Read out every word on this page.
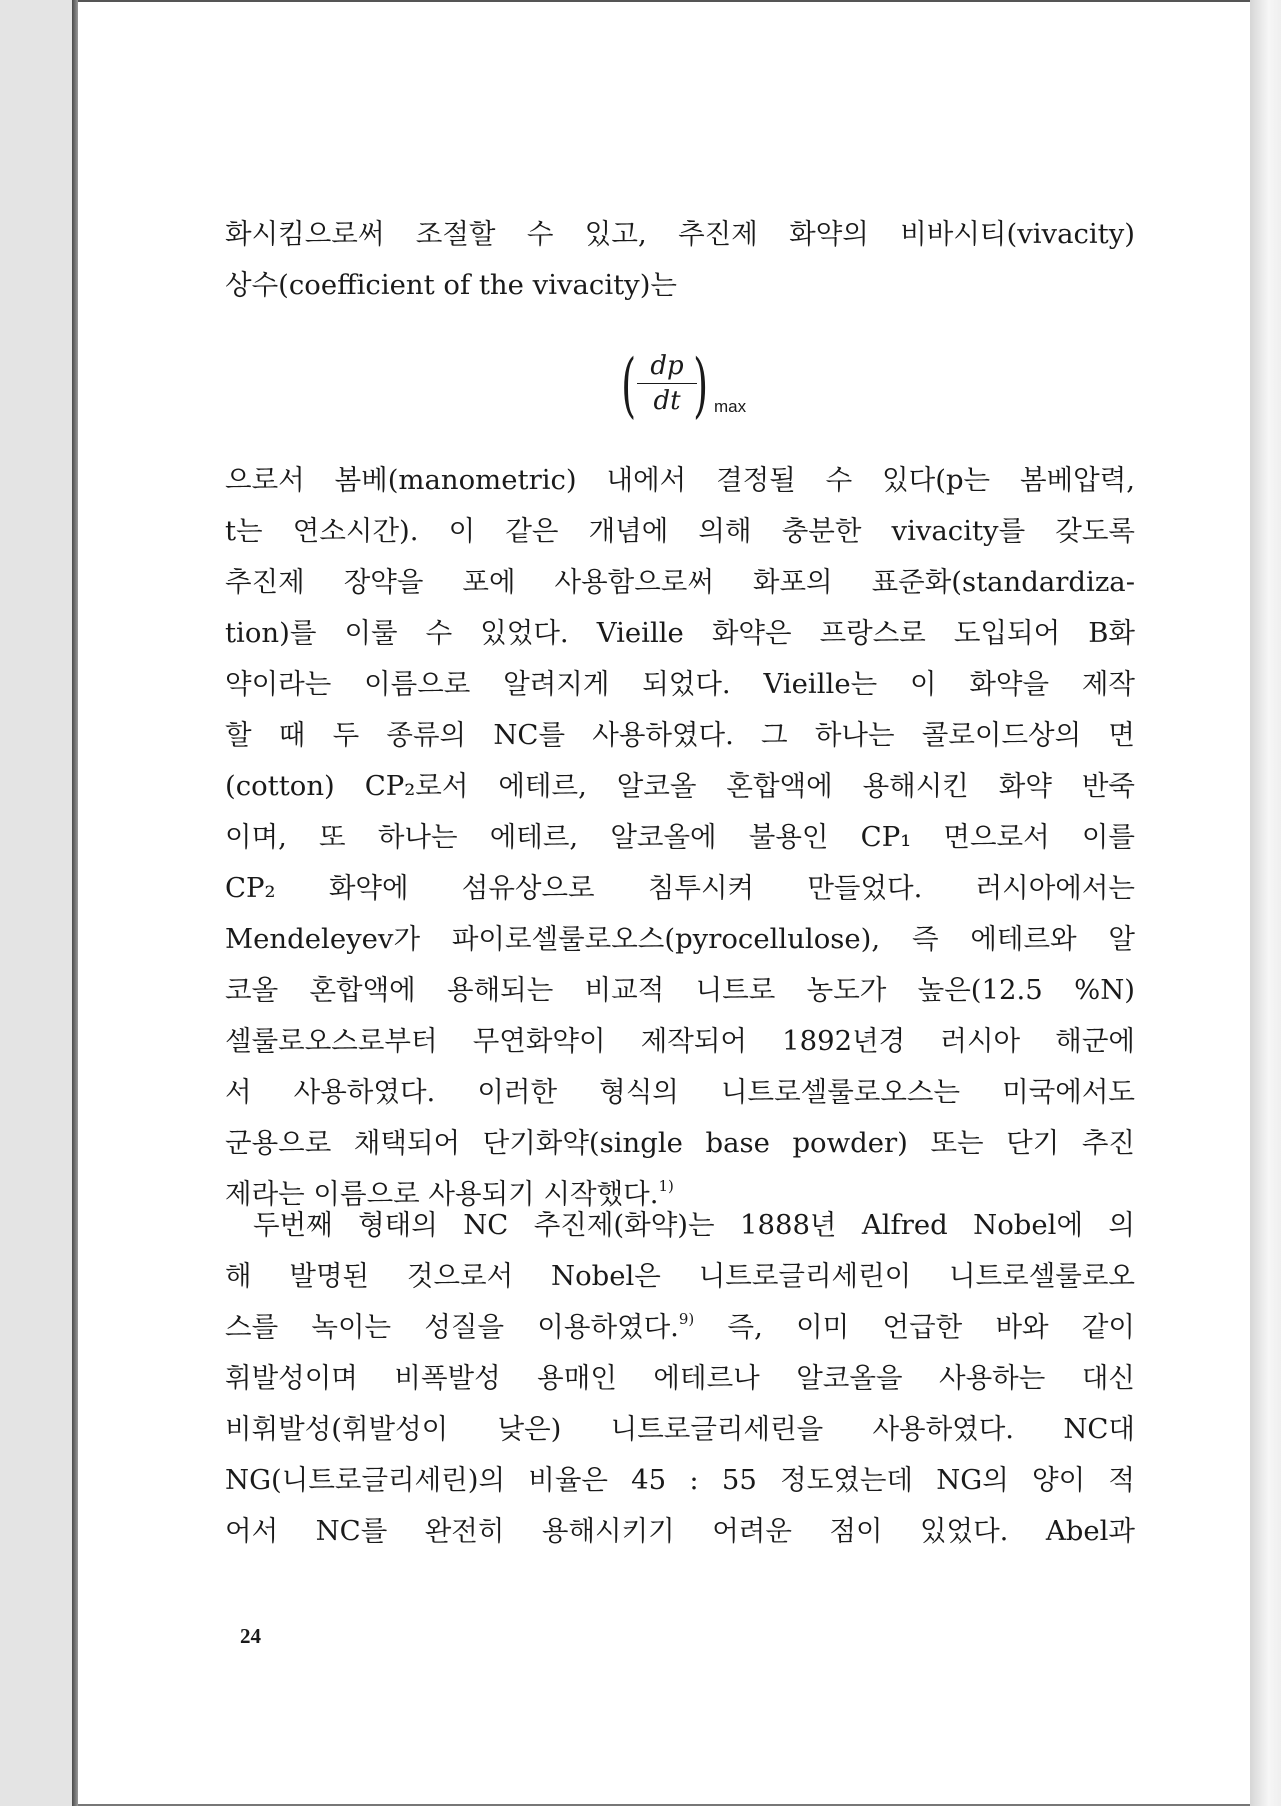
화시킴으로써 조절할 수 있고, 추진제 화약의 비바시티(vivacity)
상수(coefficient of the vivacity)는
( $\frac{dp}{dt}$
) max
으로서 봄베(manometric) 내에서 결정될 수 있다(p는 봄베압력,
t는 연소시간). 이 같은 개념에 의해 충분한 vivacity를 갖도록
추진제 장약을 포에 사용함으로써 화포의 표준화(standardiza-
tion)를 이룰 수 있었다. Vieille 화약은 프랑스로 도입되어 B화
약이라는 이름으로 알려지게 되었다. Vieille는 이 화약을 제작
할 때 두 종류의 NC를 사용하였다. 그 하나는 콜로이드상의 면
(cotton) CP₂로서 에테르, 알코올 혼합액에 용해시킨 화약 반죽
이며, 또 하나는 에테르, 알코올에 불용인 CP₁ 면으로서 이를
CP₂ 화약에 섬유상으로 침투시켜 만들었다. 러시아에서는
Mendeleyev가 파이로셀룰로오스(pyrocellulose), 즉 에테르와 알
코올 혼합액에 용해되는 비교적 니트로 농도가 높은(12.5 %N)
셀룰로오스로부터 무연화약이 제작되어 1892년경 러시아 해군에
서 사용하였다. 이러한 형식의 니트로셀룰로오스는 미국에서도
군용으로 채택되어 단기화약(single base powder) 또는 단기 추진
제라는 이름으로 사용되기 시작했다.$^{1)}$
두번째 형태의 NC 추진제(화약)는 1888년 Alfred Nobel에 의
해 발명된 것으로서 Nobel은 니트로글리세린이 니트로셀룰로오
스를 녹이는 성질을 이용하였다.$^{9)}$ 즉, 이미 언급한 바와 같이
휘발성이며 비폭발성 용매인 에테르나 알코올을 사용하는 대신
비휘발성(휘발성이 낮은) 니트로글리세린을 사용하였다. NC대
NG(니트로글리세린)의 비율은 45 : 55 정도였는데 NG의 양이 적
어서 NC를 완전히 용해시키기 어려운 점이 있었다. Abel과
24
